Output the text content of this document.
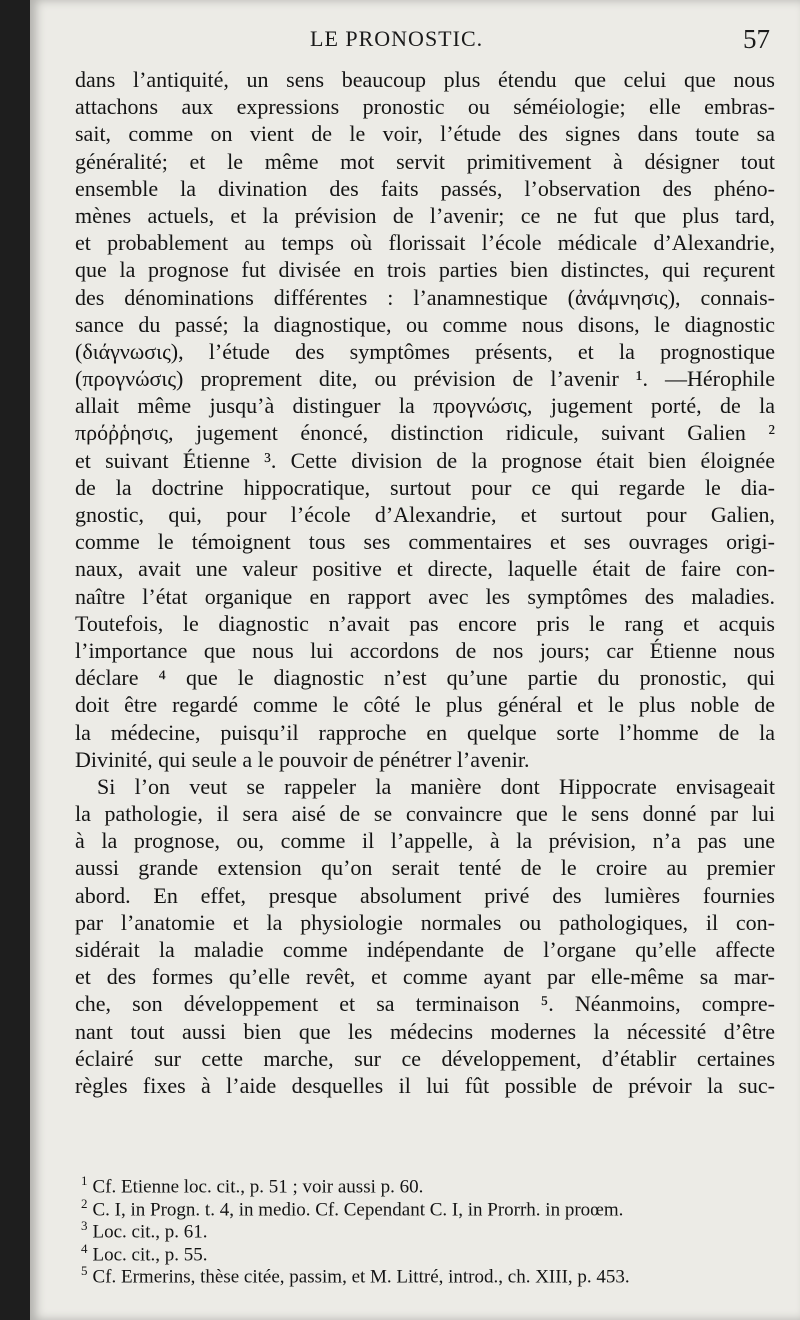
LE PRONOSTIC.	57
dans l’antiquité, un sens beaucoup plus étendu que celui que nous
attachons aux expressions pronostic ou séméiologie; elle embras-
sait, comme on vient de le voir, l’étude des signes dans toute sa
généralité; et le même mot servit primitivement à désigner tout
ensemble la divination des faits passés, l’observation des phéno-
mènes actuels, et la prévision de l’avenir; ce ne fut que plus tard,
et probablement au temps où florissait l’école médicale d’Alexandrie,
que la prognose fut divisée en trois parties bien distinctes, qui reçurent
des dénominations différentes : l’anamnestique (ἀνάμνησις), connais-
sance du passé; la diagnostique, ou comme nous disons, le diagnostic
(διάγνωσις), l’étude des symptômes présents, et la prognostique
(προγνώσις) proprement dite, ou prévision de l’avenir ¹. —Hérophile
allait même jusqu’à distinguer la προγνώσις, jugement porté, de la
πρόῤῥησις, jugement énoncé, distinction ridicule, suivant Galien ²
et suivant Étienne ³. Cette division de la prognose était bien éloignée
de la doctrine hippocratique, surtout pour ce qui regarde le dia-
gnostic, qui, pour l’école d’Alexandrie, et surtout pour Galien,
comme le témoignent tous ses commentaires et ses ouvrages origi-
naux, avait une valeur positive et directe, laquelle était de faire con-
naître l’état organique en rapport avec les symptômes des maladies.
Toutefois, le diagnostic n’avait pas encore pris le rang et acquis
l’importance que nous lui accordons de nos jours; car Étienne nous
déclare ⁴ que le diagnostic n’est qu’une partie du pronostic, qui
doit être regardé comme le côté le plus général et le plus noble de
la médecine, puisqu’il rapproche en quelque sorte l’homme de la
Divinité, qui seule a le pouvoir de pénétrer l’avenir.
Si l’on veut se rappeler la manière dont Hippocrate envisageait
la pathologie, il sera aisé de se convaincre que le sens donné par lui
à la prognose, ou, comme il l’appelle, à la prévision, n’a pas une
aussi grande extension qu’on serait tenté de le croire au premier
abord. En effet, presque absolument privé des lumières fournies
par l’anatomie et la physiologie normales ou pathologiques, il con-
sidérait la maladie comme indépendante de l’organe qu’elle affecte
et des formes qu’elle revêt, et comme ayant par elle-même sa mar-
che, son développement et sa terminaison ⁵. Néanmoins, compre-
nant tout aussi bien que les médecins modernes la nécessité d’être
éclairé sur cette marche, sur ce développement, d’établir certaines
règles fixes à l’aide desquelles il lui fût possible de prévoir la suc-
$^1$ Cf. Etienne loc. cit., p. 51 ; voir aussi p. 60.
$^2$ C. I, in Progn. t. 4, in medio. Cf. Cependant C. I, in Prorrh. in proœm.
$^3$ Loc. cit., p. 61.
$^4$ Loc. cit., p. 55.
$^5$ Cf. Ermerins, thèse citée, passim, et M. Littré, introd., ch. XIII, p. 453.
